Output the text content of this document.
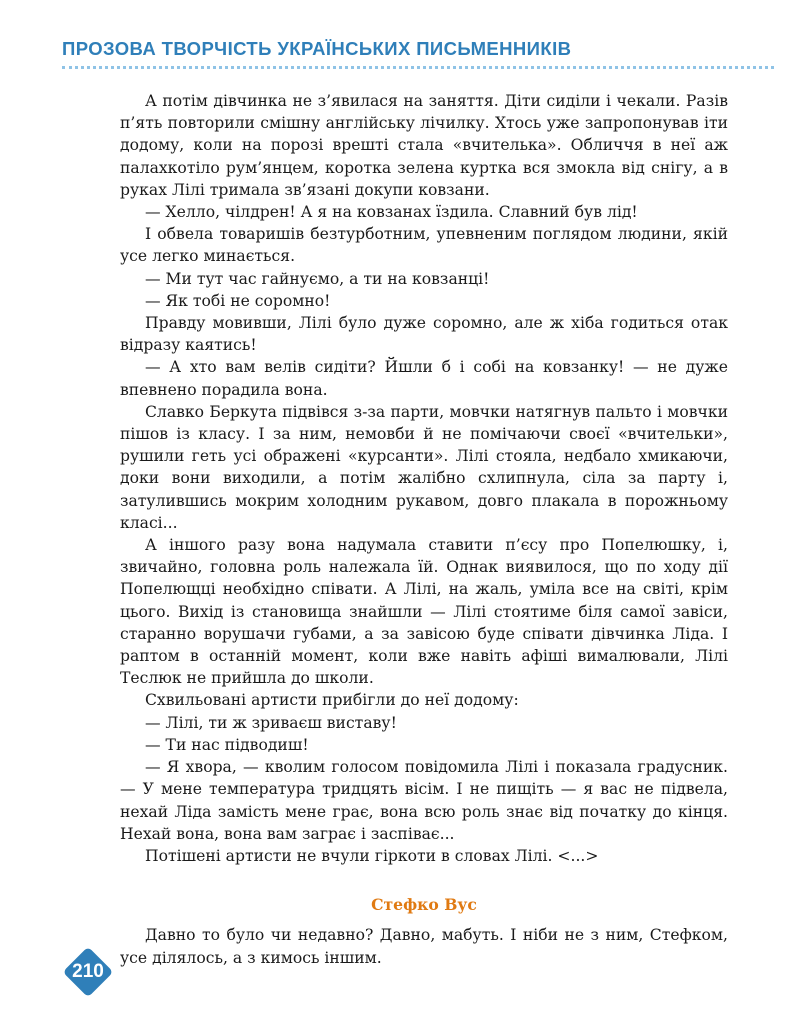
ПРОЗОВА ТВОРЧІСТЬ УКРАЇНСЬКИХ ПИСЬМЕННИКІВ

А потім дівчинка не з’явилася на заняття. Діти сиділи і чекали. Разів п’ять повторили смішну англійську лічилку. Хтось уже запропонував іти додому, коли на порозі врешті стала «вчителька». Обличчя в неї аж палахкотіло рум’янцем, коротка зелена куртка вся змокла від снігу, а в руках Лілі тримала зв’язані докупи ковзани.

— Хелло, чілдрен! А я на ковзанах їздила. Славний був лід!

І обвела товаришів безтурботним, упевненим поглядом людини, якій усе легко минається.

— Ми тут час гайнуємо, а ти на ковзанці!

— Як тобі не соромно!

Правду мовивши, Лілі було дуже соромно, але ж хіба годиться отак відразу каятись!

— А хто вам велів сидіти? Йшли б і собі на ковзанку! — не дуже впевнено порадила вона.

Славко Беркута підвівся з-за парти, мовчки натягнув пальто і мовчки пішов із класу. І за ним, немовби й не помічаючи своєї «вчительки», рушили геть усі ображені «курсанти». Лілі стояла, недбало хмикаючи, доки вони виходили, а потім жалібно схлипнула, сіла за парту і, затулившись мокрим холодним рукавом, довго плакала в порожньому класі...

А іншого разу вона надумала ставити п’єсу про Попелюшку, і, звичайно, головна роль належала їй. Однак виявилося, що по ходу дії Попелющці необхідно співати. А Лілі, на жаль, уміла все на світі, крім цього. Вихід із становища знайшли — Лілі стоятиме біля самої завіси, старанно ворушачи губами, а за завісою буде співати дівчинка Ліда. І раптом в останній момент, коли вже навіть афіші вималювали, Лілі Теслюк не прийшла до школи.

Схвильовані артисти прибігли до неї додому:

— Лілі, ти ж зриваєш виставу!

— Ти нас підводиш!

— Я хвора, — кволим голосом повідомила Лілі і показала градусник. — У мене температура тридцять вісім. І не пищіть — я вас не підвела, нехай Ліда замість мене грає, вона всю роль знає від початку до кінця. Нехай вона, вона вам заграє і заспіває...

Потішені артисти не вчули гіркоти в словах Лілі. <...>

Стефко Вус

Давно то було чи недавно? Давно, мабуть. І ніби не з ним, Стефком, усе ділялось, а з кимось іншим.

210
